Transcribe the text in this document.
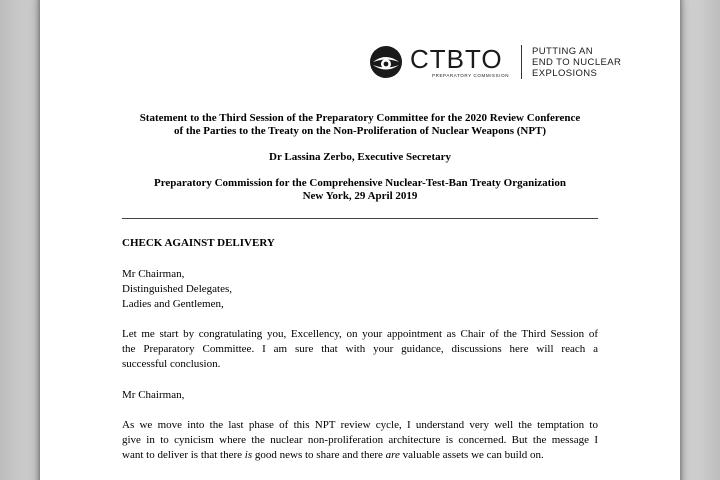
CTBTO
PREPARATORY COMMISSION
PUTTING AN
END TO NUCLEAR
EXPLOSIONS
Statement to the Third Session of the Preparatory Committee for the 2020 Review Conference
of the Parties to the Treaty on the Non-Proliferation of Nuclear Weapons (NPT)
Dr Lassina Zerbo, Executive Secretary
Preparatory Commission for the Comprehensive Nuclear-Test-Ban Treaty Organization
New York, 29 April 2019
CHECK AGAINST DELIVERY
Mr Chairman,
Distinguished Delegates,
Ladies and Gentlemen,
Let me start by congratulating you, Excellency, on your appointment as Chair of the Third Session of
the Preparatory Committee. I am sure that with your guidance, discussions here will reach a
successful conclusion.
Mr Chairman,
As we move into the last phase of this NPT review cycle, I understand very well the temptation to
give in to cynicism where the nuclear non-proliferation architecture is concerned. But the message I
want to deliver is that there is good news to share and there are valuable assets we can build on.
